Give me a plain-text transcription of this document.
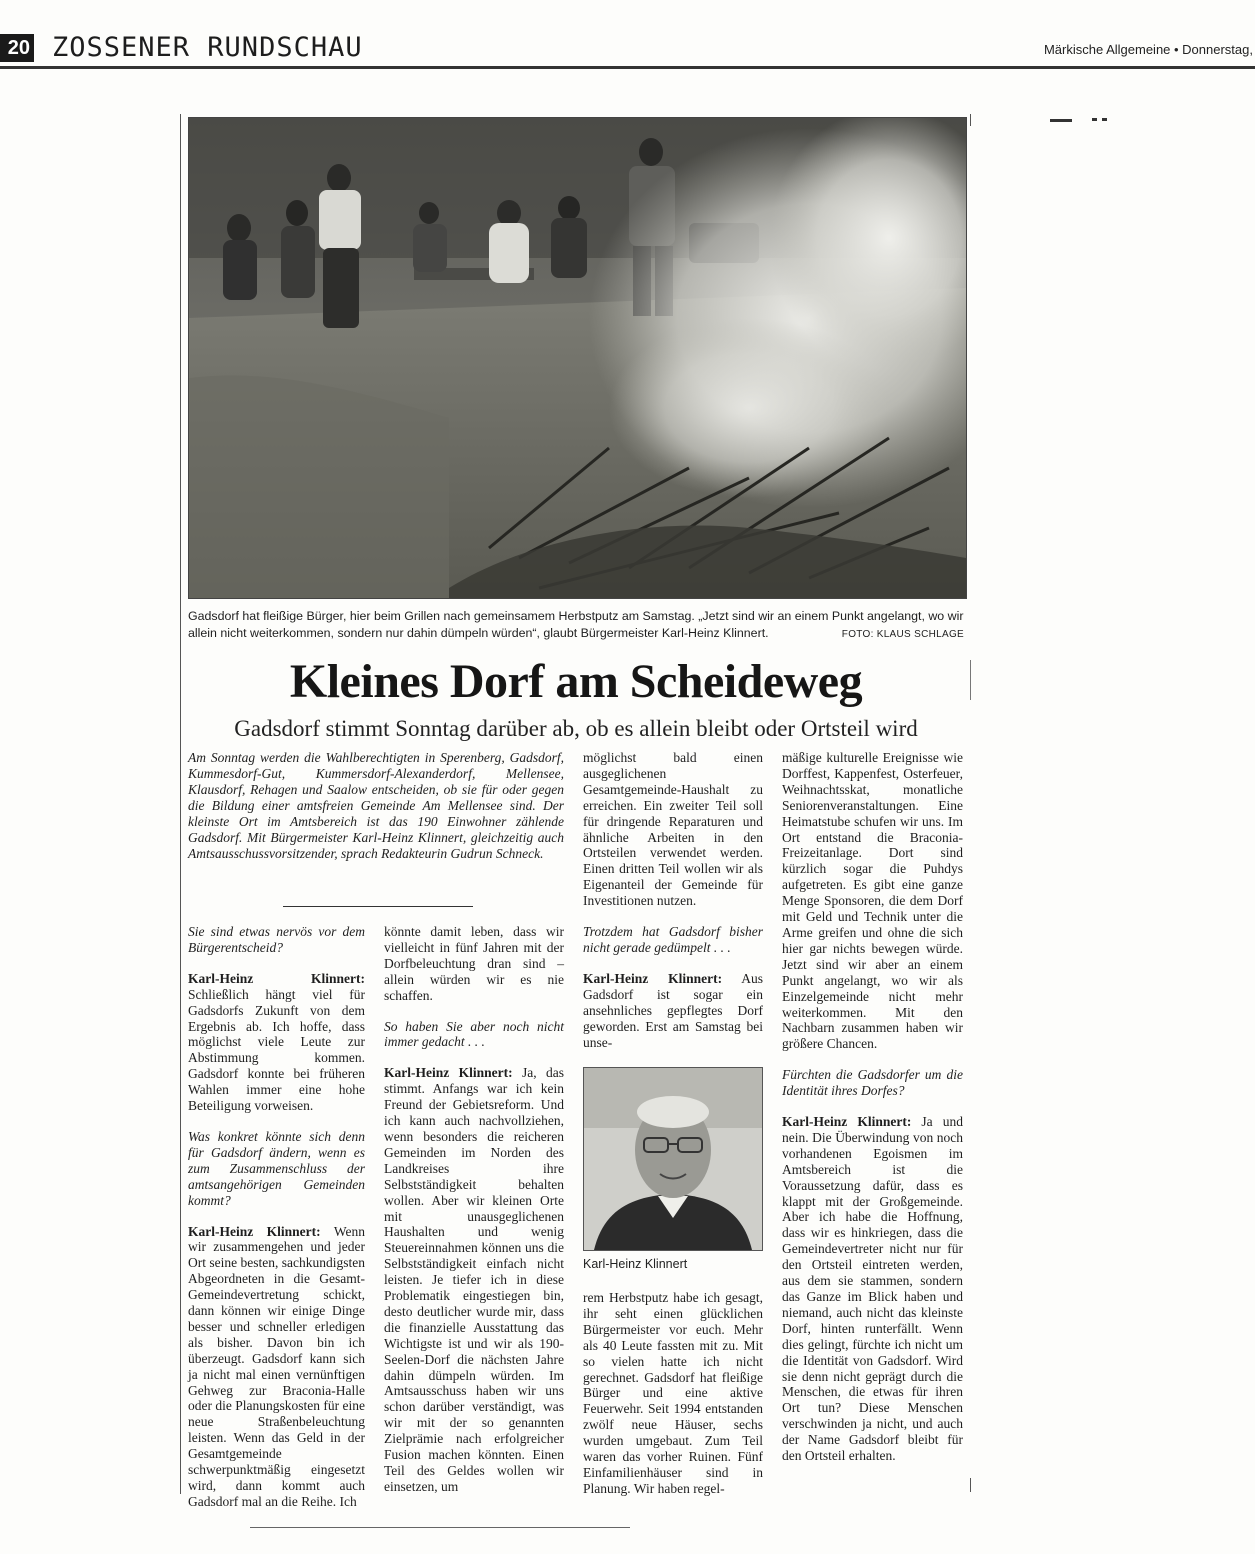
20 ZOSSENER RUNDSCHAU	Märkische Allgemeine • Donnerstag,
Gadsdorf hat fleißige Bürger, hier beim Grillen nach gemeinsamem Herbstputz am Samstag. „Jetzt sind wir an einem Punkt angelangt, wo wir allein nicht weiterkommen, sondern nur dahin dümpeln würden“, glaubt Bürgermeister Karl-Heinz Klinnert.	FOTO: KLAUS SCHLAGE
Kleines Dorf am Scheideweg
Gadsdorf stimmt Sonntag darüber ab, ob es allein bleibt oder Ortsteil wird
Am Sonntag werden die Wahlberechtigten in Sperenberg, Gadsdorf, Kummesdorf-Gut, Kummersdorf-Alexanderdorf, Mellensee, Klausdorf, Rehagen und Saalow entscheiden, ob sie für oder gegen die Bildung einer amtsfreien Gemeinde Am Mellensee sind. Der kleinste Ort im Amtsbereich ist das 190 Einwohner zählende Gadsdorf. Mit Bürgermeister Karl-Heinz Klinnert, gleichzeitig auch Amtsausschussvorsitzender, sprach Redakteurin Gudrun Schneck.

Sie sind etwas nervös vor dem Bürgerentscheid?

Karl-Heinz Klinnert: Schließlich hängt viel für Gadsdorfs Zukunft von dem Ergebnis ab. Ich hoffe, dass möglichst viele Leute zur Abstimmung kommen. Gadsdorf konnte bei früheren Wahlen immer eine hohe Beteiligung vorweisen.

Was konkret könnte sich denn für Gadsdorf ändern, wenn es zum Zusammenschluss der amtsangehörigen Gemeinden kommt?

Karl-Heinz Klinnert: Wenn wir zusammengehen und jeder Ort seine besten, sachkundigsten Abgeordneten in die Gesamt-Gemeindevertretung schickt, dann können wir einige Dinge besser und schneller erledigen als bisher. Davon bin ich überzeugt. Gadsdorf kann sich ja nicht mal einen vernünftigen Gehweg zur Braconia-Halle oder die Planungskosten für eine neue Straßenbeleuchtung leisten. Wenn das Geld in der Gesamtgemeinde schwerpunktmäßig eingesetzt wird, dann kommt auch Gadsdorf mal an die Reihe. Ich

könnte damit leben, dass wir vielleicht in fünf Jahren mit der Dorfbeleuchtung dran sind – allein würden wir es nie schaffen.

So haben Sie aber noch nicht immer gedacht . . .

Karl-Heinz Klinnert: Ja, das stimmt. Anfangs war ich kein Freund der Gebietsreform. Und ich kann auch nachvollziehen, wenn besonders die reicheren Gemeinden im Norden des Landkreises ihre Selbstständigkeit behalten wollen. Aber wir kleinen Orte mit unausgeglichenen Haushalten und wenig Steuereinnahmen können uns die Selbstständigkeit einfach nicht leisten. Je tiefer ich in diese Problematik eingestiegen bin, desto deutlicher wurde mir, dass die finanzielle Ausstattung das Wichtigste ist und wir als 190-Seelen-Dorf die nächsten Jahre dahin dümpeln würden. Im Amtsausschuss haben wir uns schon darüber verständigt, was wir mit der so genannten Zielprämie nach erfolgreicher Fusion machen könnten. Einen Teil des Geldes wollen wir einsetzen, um

möglichst bald einen ausgeglichenen Gesamtgemeinde-Haushalt zu erreichen. Ein zweiter Teil soll für dringende Reparaturen und ähnliche Arbeiten in den Ortsteilen verwendet werden. Einen dritten Teil wollen wir als Eigenanteil der Gemeinde für Investitionen nutzen.

Trotzdem hat Gadsdorf bisher nicht gerade gedümpelt . . .

Karl-Heinz Klinnert: Aus Gadsdorf ist sogar ein ansehnliches gepflegtes Dorf geworden. Erst am Samstag bei unse-

Karl-Heinz Klinnert

rem Herbstputz habe ich gesagt, ihr seht einen glücklichen Bürgermeister vor euch. Mehr als 40 Leute fassten mit zu. Mit so vielen hatte ich nicht gerechnet. Gadsdorf hat fleißige Bürger und eine aktive Feuerwehr. Seit 1994 entstanden zwölf neue Häuser, sechs wurden umgebaut. Zum Teil waren das vorher Ruinen. Fünf Einfamilienhäuser sind in Planung. Wir haben regel-

mäßige kulturelle Ereignisse wie Dorffest, Kappenfest, Osterfeuer, Weihnachtsskat, monatliche Seniorenveranstaltungen. Eine Heimatstube schufen wir uns. Im Ort entstand die Braconia-Freizeitanlage. Dort sind kürzlich sogar die Puhdys aufgetreten. Es gibt eine ganze Menge Sponsoren, die dem Dorf mit Geld und Technik unter die Arme greifen und ohne die sich hier gar nichts bewegen würde. Jetzt sind wir aber an einem Punkt angelangt, wo wir als Einzelgemeinde nicht mehr weiterkommen. Mit den Nachbarn zusammen haben wir größere Chancen.

Fürchten die Gadsdorfer um die Identität ihres Dorfes?

Karl-Heinz Klinnert: Ja und nein. Die Überwindung von noch vorhandenen Egoismen im Amtsbereich ist die Voraussetzung dafür, dass es klappt mit der Großgemeinde. Aber ich habe die Hoffnung, dass wir es hinkriegen, dass die Gemeindevertreter nicht nur für den Ortsteil eintreten werden, aus dem sie stammen, sondern das Ganze im Blick haben und niemand, auch nicht das kleinste Dorf, hinten runterfällt. Wenn dies gelingt, fürchte ich nicht um die Identität von Gadsdorf. Wird sie denn nicht geprägt durch die Menschen, die etwas für ihren Ort tun? Diese Menschen verschwinden ja nicht, und auch der Name Gadsdorf bleibt für den Ortsteil erhalten.
